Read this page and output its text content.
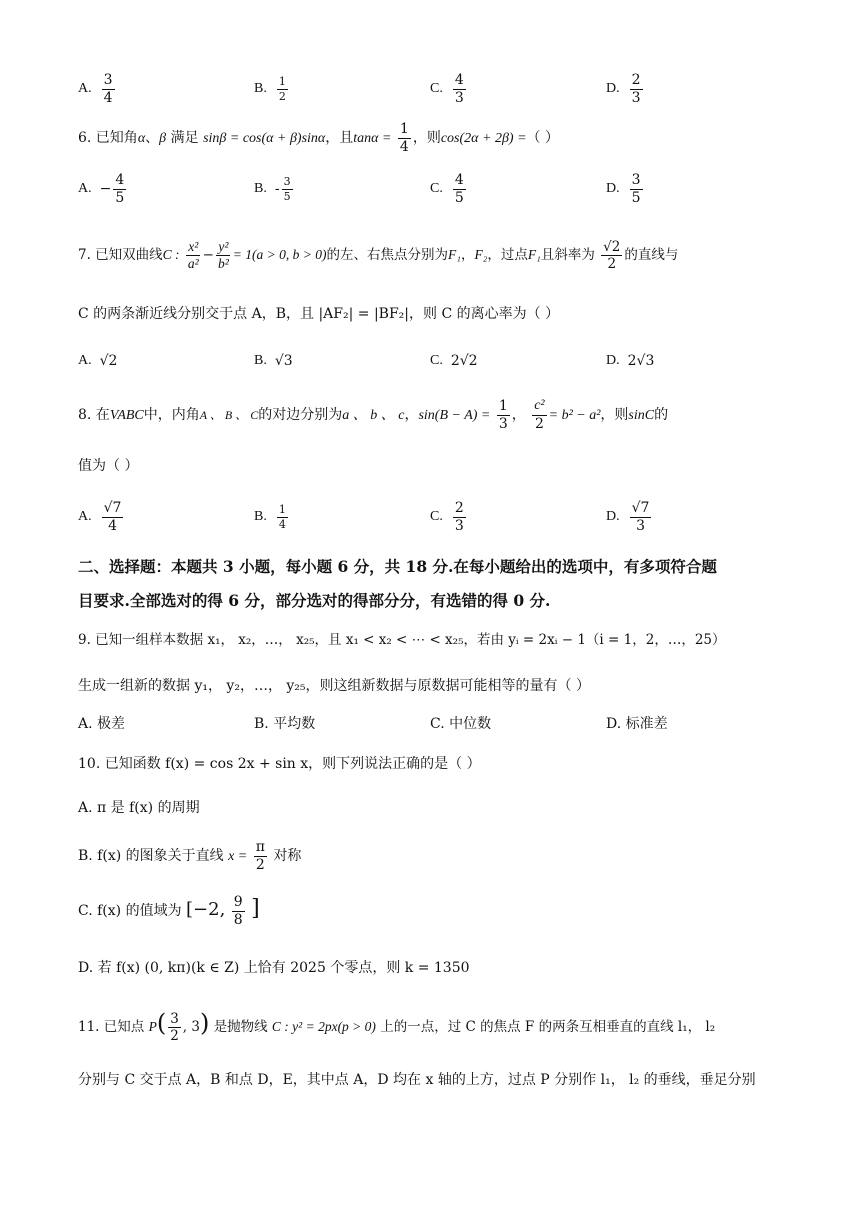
A. $\frac{3}{4}$	B. $\frac{1}{2}$	C. $\frac{4}{3}$	D. $\frac{2}{3}$
6. 已知角α、β 满足 sinβ = cos(α + β)sinα，且$\tan\alpha = \frac{1}{4}$ ，则cos(2α + 2β) =（ ）
A. − $\frac{4}{5}$	B. - $\frac{3}{5}$	C. $\frac{4}{5}$	D. $\frac{3}{5}$
7. 已知双曲线C : $\frac{\text{x²}}{\text{a²}} - \frac{\text{y²}}{\text{b²}} = 1(a > 0$, b > 0)的左、右焦点分别为F₁，F₂，过点F₁且斜率为 $\frac{√2}{2}$ 的直线与
C 的两条渐近线分别交于点 A，B，且 |AF₂| = |BF₂|，则 C 的离心率为（ ）
A. √2	B. √3	C. 2√2	D. 2√3
8. 在VABC中，内角A 、 B 、 C的对边分别为a 、 b 、 c，$\sin(B - A) = \frac{1}{3}$ ， $\frac{\text{c²}}{2} = b^2 - a^2$，则sinC的
值为（ ）
A. $\frac{√7}{4}$	B. $\frac{1}{4}$	C. $\frac{2}{3}$	D. $\frac{√7}{3}$
二、选择题：本题共 3 小题，每小题 6 分，共 18 分.在每小题给出的选项中，有多项符合题
目要求.全部选对的得 6 分，部分选对的得部分分，有选错的得 0 分.
9. 已知一组样本数据 x₁， x₂，…， x₂₅，且 x₁ < x₂ < ⋯ < x₂₅，若由 yᵢ = 2xᵢ − 1（i = 1，2，…，25）
生成一组新的数据 y₁， y₂，…， y₂₅，则这组新数据与原数据可能相等的量有（ ）
A. 极差	B. 平均数	C. 中位数	D. 标准差
10. 已知函数 f(x) = cos 2x + sin x，则下列说法正确的是（ ）
A. π 是 f(x) 的周期
B. f(x) 的图象关于直线 $x = \frac{\pi}{2}$ 对称
C. f(x) 的值域为 [−2, $\frac{9}{8}$ ]
D. 若 f(x) (0, kπ)(k ∈ Z) 上恰有 2025 个零点，则 k = 1350
11. 已知点 $P( \frac{3}{2}$ , 3) 是抛物线 C : y² = 2px(p > 0) 上的一点，过 C 的焦点 F 的两条互相垂直的直线 l₁， l₂
分别与 C 交于点 A，B 和点 D，E，其中点 A，D 均在 x 轴的上方，过点 P 分别作 l₁， l₂ 的垂线，垂足分别
